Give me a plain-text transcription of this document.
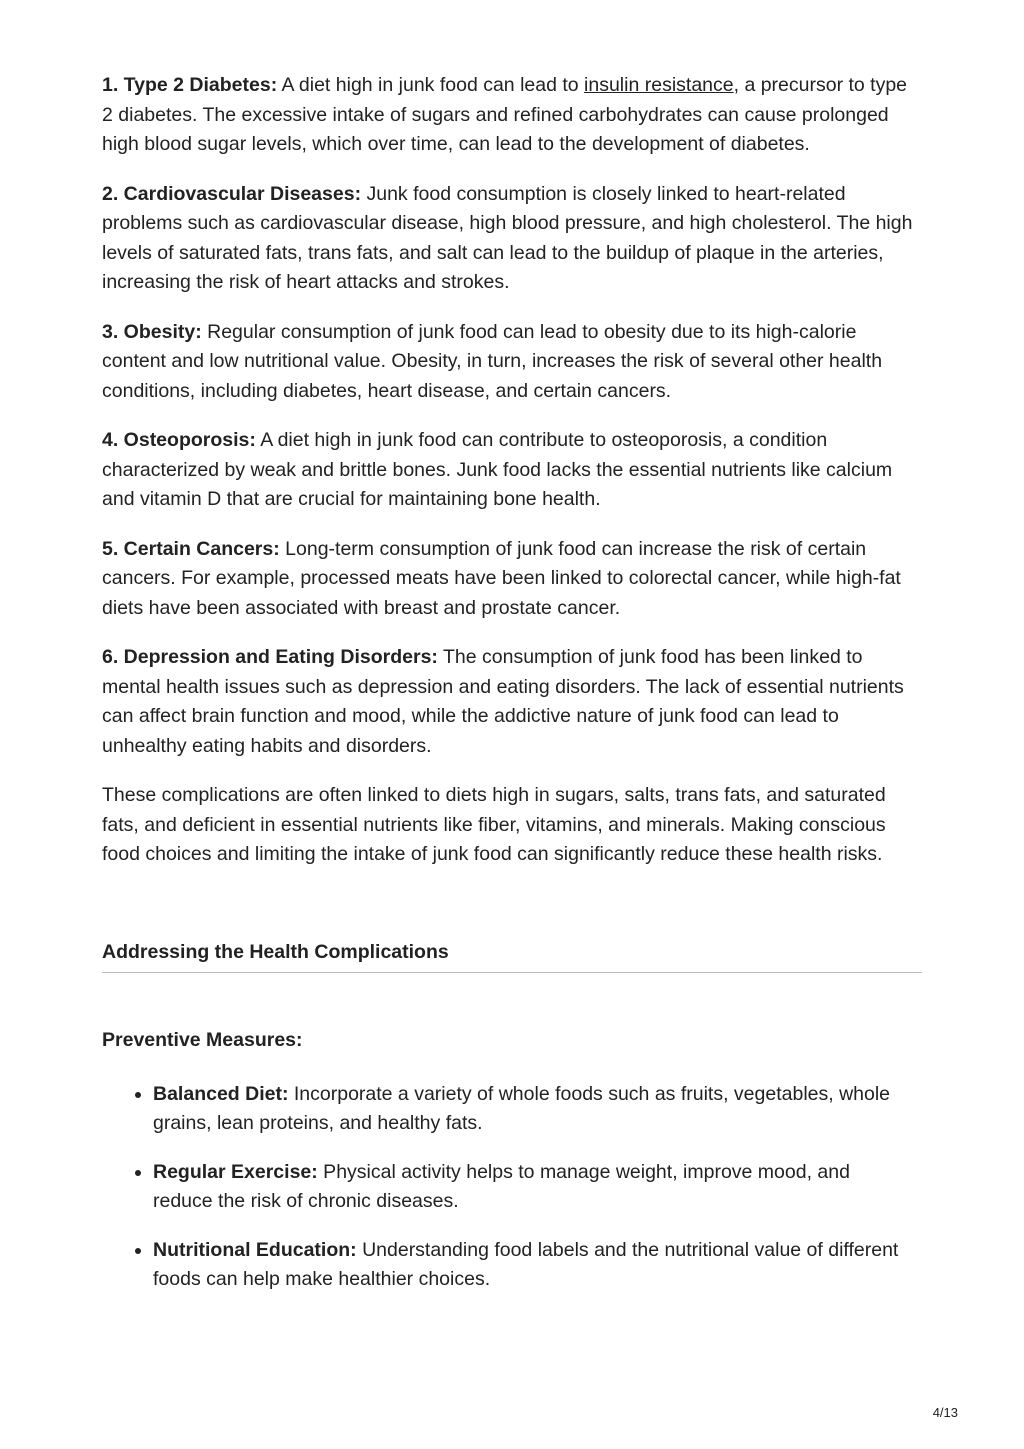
1. Type 2 Diabetes: A diet high in junk food can lead to insulin resistance, a precursor to type 2 diabetes. The excessive intake of sugars and refined carbohydrates can cause prolonged high blood sugar levels, which over time, can lead to the development of diabetes.

2. Cardiovascular Diseases: Junk food consumption is closely linked to heart-related problems such as cardiovascular disease, high blood pressure, and high cholesterol. The high levels of saturated fats, trans fats, and salt can lead to the buildup of plaque in the arteries, increasing the risk of heart attacks and strokes.

3. Obesity: Regular consumption of junk food can lead to obesity due to its high-calorie content and low nutritional value. Obesity, in turn, increases the risk of several other health conditions, including diabetes, heart disease, and certain cancers.

4. Osteoporosis: A diet high in junk food can contribute to osteoporosis, a condition characterized by weak and brittle bones. Junk food lacks the essential nutrients like calcium and vitamin D that are crucial for maintaining bone health.

5. Certain Cancers: Long-term consumption of junk food can increase the risk of certain cancers. For example, processed meats have been linked to colorectal cancer, while high-fat diets have been associated with breast and prostate cancer.

6. Depression and Eating Disorders: The consumption of junk food has been linked to mental health issues such as depression and eating disorders. The lack of essential nutrients can affect brain function and mood, while the addictive nature of junk food can lead to unhealthy eating habits and disorders.

These complications are often linked to diets high in sugars, salts, trans fats, and saturated fats, and deficient in essential nutrients like fiber, vitamins, and minerals. Making conscious food choices and limiting the intake of junk food can significantly reduce these health risks.

Addressing the Health Complications
Preventive Measures:
Balanced Diet: Incorporate a variety of whole foods such as fruits, vegetables, whole grains, lean proteins, and healthy fats.
Regular Exercise: Physical activity helps to manage weight, improve mood, and reduce the risk of chronic diseases.
Nutritional Education: Understanding food labels and the nutritional value of different foods can help make healthier choices.
4/13
